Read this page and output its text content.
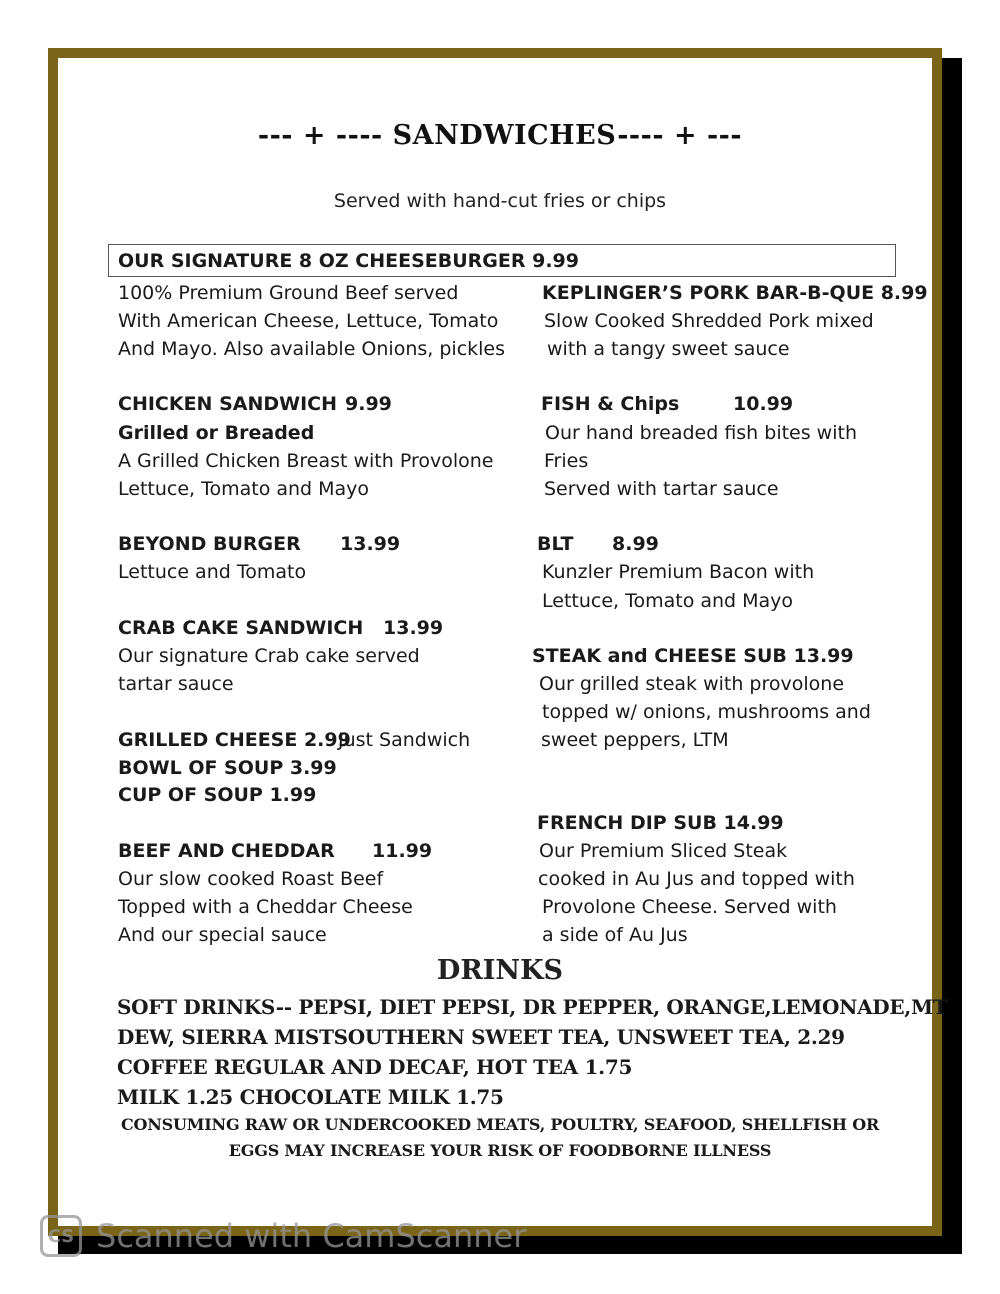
--- + ---- SANDWICHES---- + ---
Served with hand-cut fries or chips
OUR SIGNATURE 8 OZ CHEESEBURGER 9.99
100% Premium Ground Beef served
With American Cheese, Lettuce, Tomato
And Mayo. Also available Onions, pickles
CHICKEN SANDWICH 9.99
Grilled or Breaded
A Grilled Chicken Breast with Provolone
Lettuce, Tomato and Mayo
BEYOND BURGER 13.99
Lettuce and Tomato
CRAB CAKE SANDWICH 13.99
Our signature Crab cake served
tartar sauce
GRILLED CHEESE 2.99
Just Sandwich
BOWL OF SOUP 3.99
CUP OF SOUP 1.99
BEEF AND CHEDDAR 11.99
Our slow cooked Roast Beef
Topped with a Cheddar Cheese
And our special sauce
KEPLINGER’S PORK BAR-B-QUE 8.99
Slow Cooked Shredded Pork mixed
with a tangy sweet sauce
FISH & Chips	10.99
Our hand breaded fish bites with
Fries
Served with tartar sauce
BLT 8.99
Kunzler Premium Bacon with
Lettuce, Tomato and Mayo
STEAK and CHEESE SUB 13.99
Our grilled steak with provolone
topped w/ onions, mushrooms and
sweet peppers, LTM
FRENCH DIP SUB 14.99
Our Premium Sliced Steak
cooked in Au Jus and topped with
Provolone Cheese. Served with
a side of Au Jus
DRINKS
SOFT DRINKS-- PEPSI, DIET PEPSI, DR PEPPER, ORANGE,LEMONADE,MT
DEW, SIERRA MISTSOUTHERN SWEET TEA, UNSWEET TEA, 2.29
COFFEE REGULAR AND DECAF, HOT TEA 1.75
MILK 1.25 CHOCOLATE MILK 1.75
CONSUMING RAW OR UNDERCOOKED MEATS, POULTRY, SEAFOOD, SHELLFISH OR
EGGS MAY INCREASE YOUR RISK OF FOODBORNE ILLNESS
CS Scanned with CamScanner
